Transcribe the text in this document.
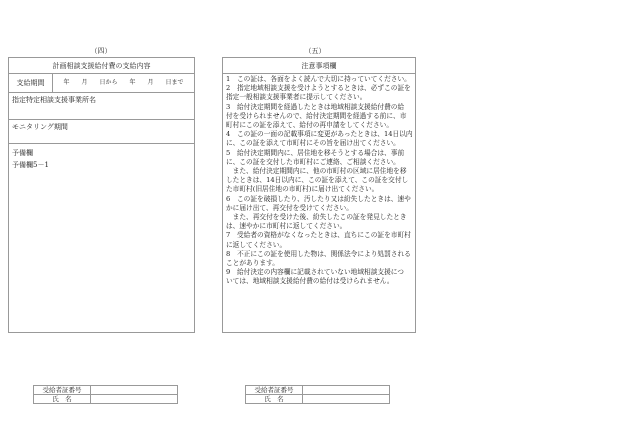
（四）
計画相談支援給付費の支給内容
支給期間	年　　月　　日から　　年　　月　　日まで
指定特定相談支援事業所名
モニタリング期間
予備欄
予備欄5－1
（五）
注意事項欄
1　この証は、各面をよく読んで大切に持っていてください。
2　指定地域相談支援を受けようとするときは、必ずこの証を
指定一般相談支援事業者に提示してください。
3　給付決定期間を経過したときは地域相談支援給付費の給
付を受けられませんので、給付決定期間を経過する前に、市
町村にこの証を添えて、給付の再申請をしてください。
4　この証の一面の記載事項に変更があったときは、14日以内
に、この証を添えて市町村にその旨を届け出てください。
5　給付決定期間内に、居住地を移そうとする場合は、事前
に、この証を交付した市町村にご連絡、ご相談ください。
　また、給付決定期間内に、他の市町村の区域に居住地を移
したときは、14日以内に、この証を添えて、この証を交付し
た市町村(旧居住地の市町村)に届け出てください。
6　この証を破損したり、汚したり又は紛失したときは、速や
かに届け出て、再交付を受けてください。
　また、再交付を受けた後、紛失したこの証を発見したとき
は、速やかに市町村に返してください。
7　受給者の資格がなくなったときは、直ちにこの証を市町村
に返してください。
8　不正にこの証を使用した物は、関係法令により処罰される
ことがあります。
9　給付決定の内容欄に記載されていない地域相談支援につ
いては、地域相談支援給付費の給付は受けられません。
受給者証番号	
氏　名	
受給者証番号	
氏　名	
